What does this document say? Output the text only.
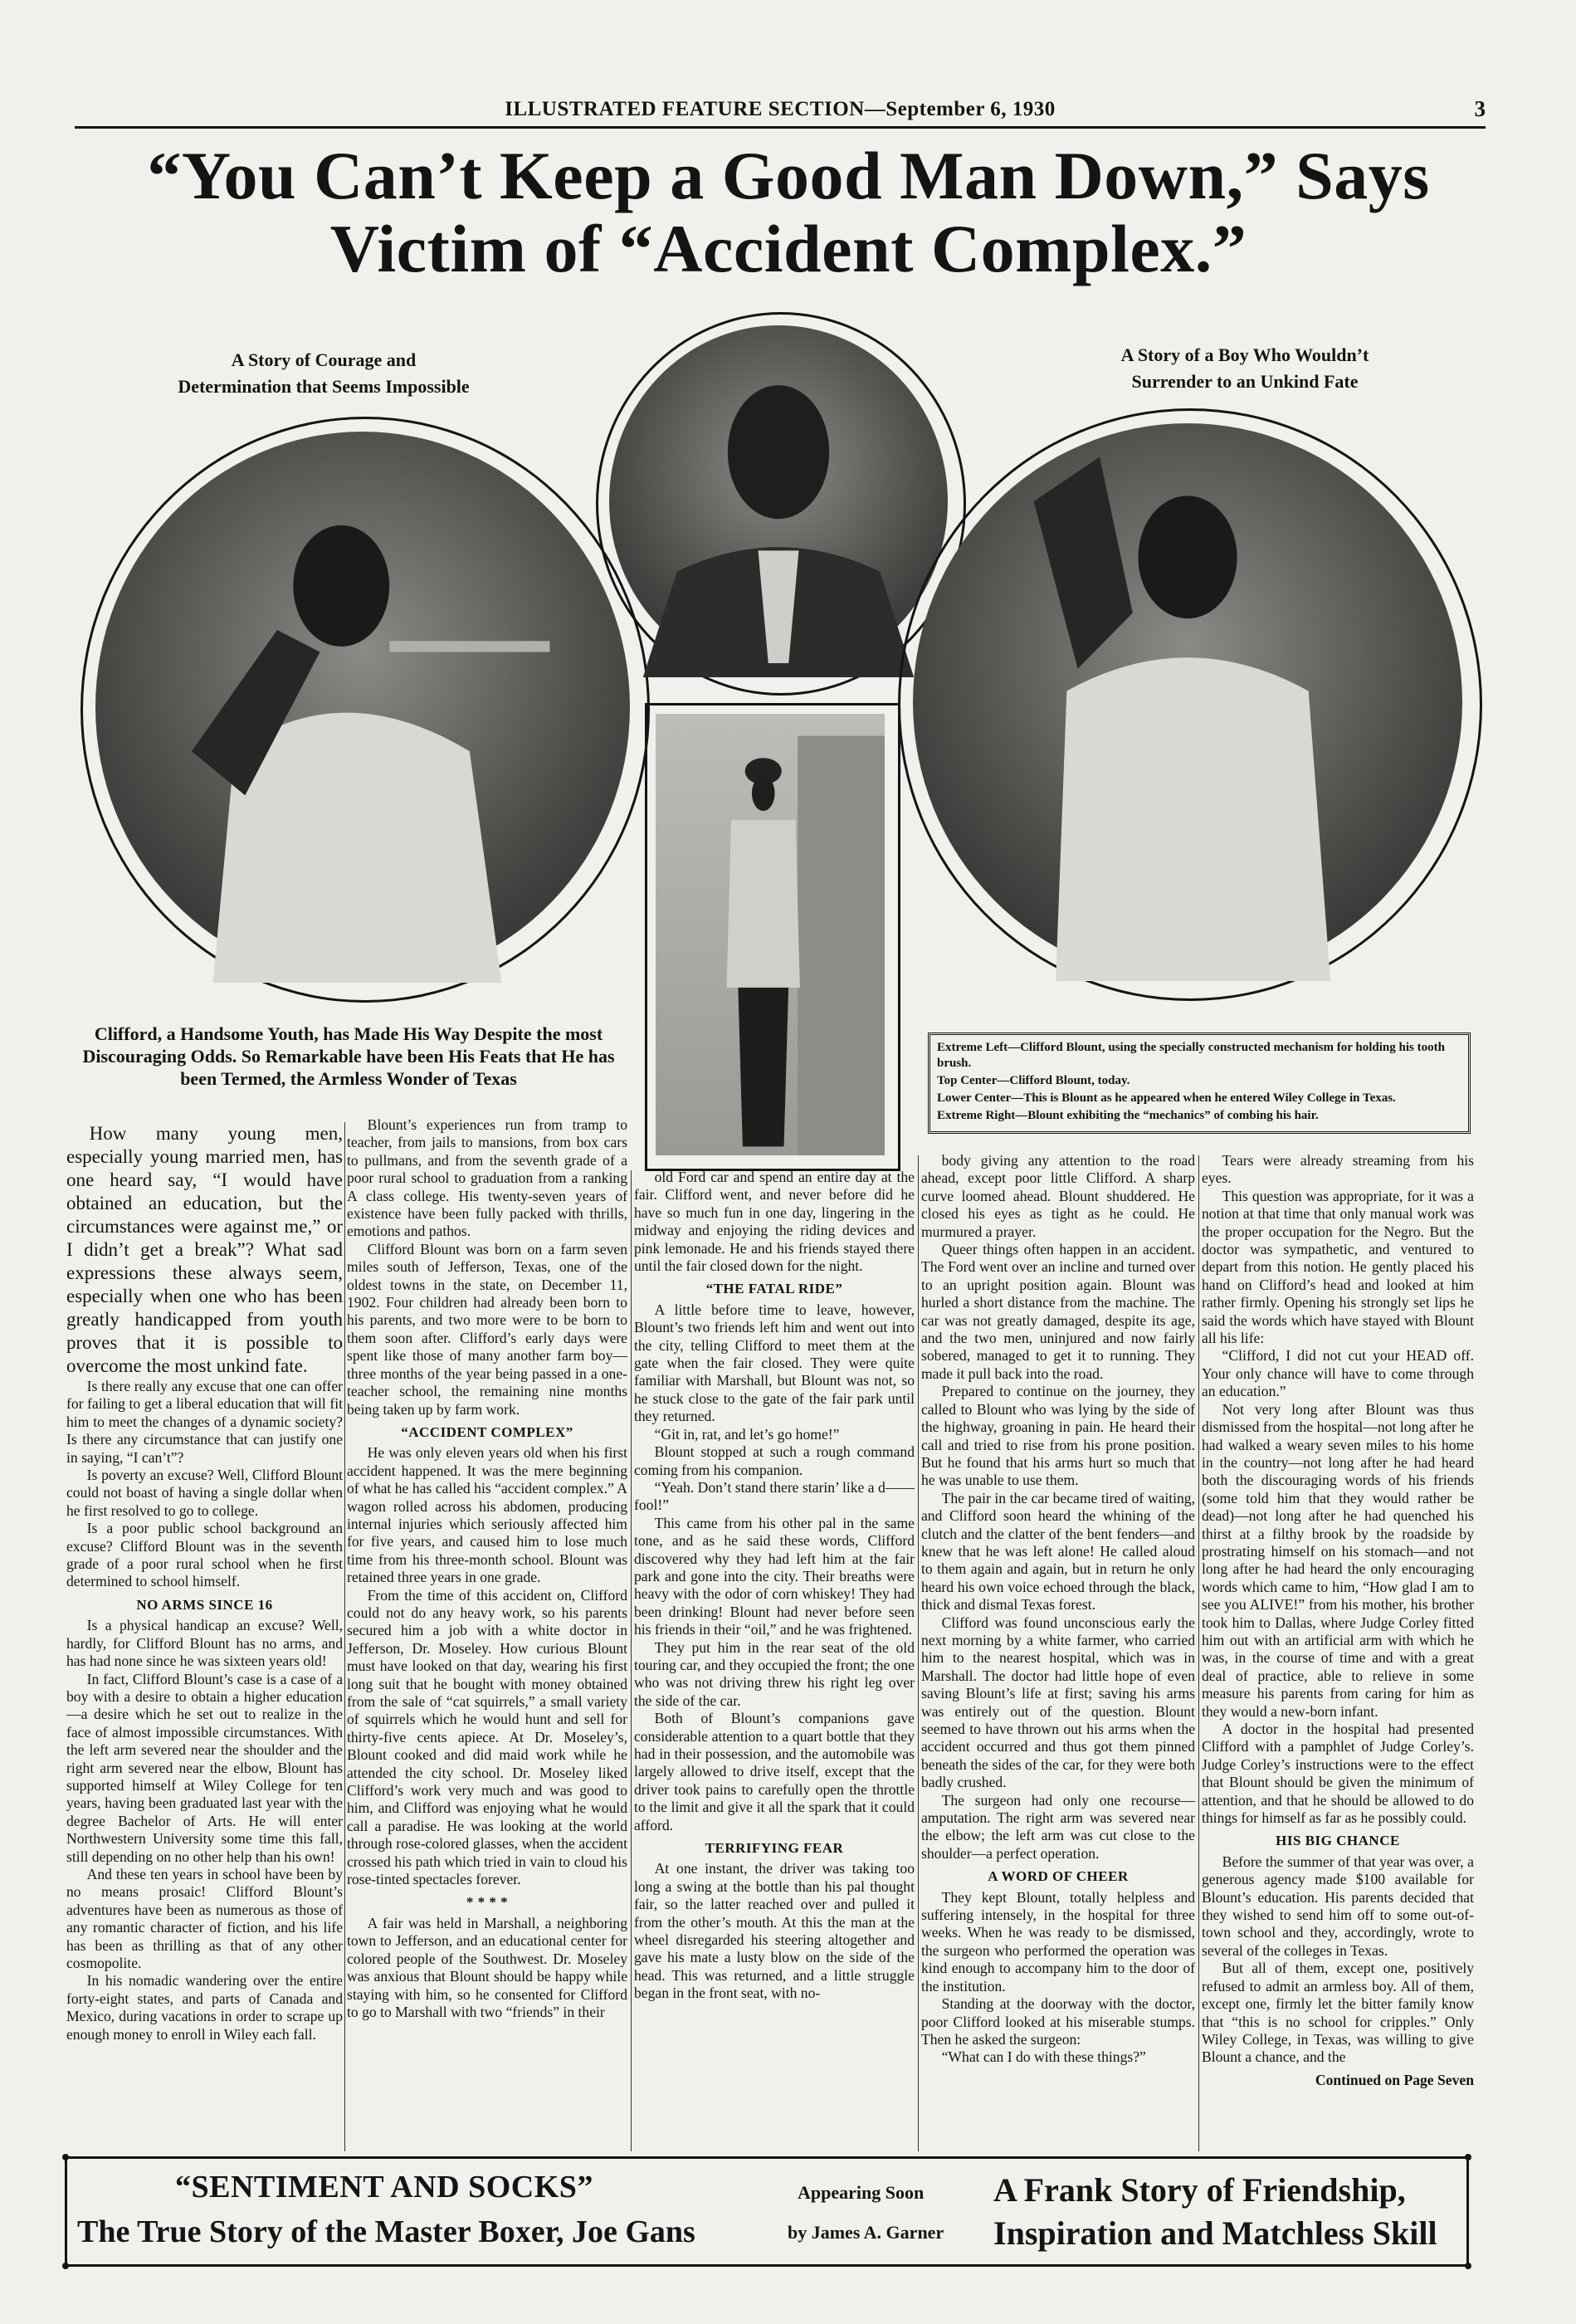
ILLUSTRATED FEATURE SECTION—September 6, 1930	3
“You Can’t Keep a Good Man Down,” Says
Victim of “Accident Complex.”
A Story of Courage and
Determination that Seems Impossible
A Story of a Boy Who Wouldn’t
Surrender to an Unkind Fate
Clifford, a Handsome Youth, has Made His Way Despite the most Discouraging Odds. So Remarkable have been His Feats that He has been Termed, the Armless Wonder of Texas

Extreme Left—Clifford Blount, using the specially constructed mechanism for holding his tooth brush.

Top Center—Clifford Blount, today.

Lower Center—This is Blount as he appeared when he entered Wiley College in Texas.

Extreme Right—Blount exhibiting the “mechanics” of combing his hair.

How many young men, especially young married men, has one heard say, “I would have obtained an education, but the circumstances were against me,” or I didn’t get a break”? What sad expressions these always seem, especially when one who has been greatly handicapped from youth proves that it is possible to overcome the most unkind fate.

Is there really any excuse that one can offer for failing to get a liberal education that will fit him to meet the changes of a dynamic society? Is there any circumstance that can justify one in saying, “I can’t”?

Is poverty an excuse? Well, Clifford Blount could not boast of having a single dollar when he first resolved to go to college.

Is a poor public school background an excuse? Clifford Blount was in the seventh grade of a poor rural school when he first determined to school himself.

NO ARMS SINCE 16

Is a physical handicap an excuse? Well, hardly, for Clifford Blount has no arms, and has had none since he was sixteen years old!

In fact, Clifford Blount’s case is a case of a boy with a desire to obtain a higher education—a desire which he set out to realize in the face of almost impossible circumstances. With the left arm severed near the shoulder and the right arm severed near the elbow, Blount has supported himself at Wiley College for ten years, having been graduated last year with the degree Bachelor of Arts. He will enter Northwestern University some time this fall, still depending on no other help than his own!

And these ten years in school have been by no means prosaic! Clifford Blount’s adventures have been as numerous as those of any romantic character of fiction, and his life has been as thrilling as that of any other cosmopolite.

In his nomadic wandering over the entire forty-eight states, and parts of Canada and Mexico, during vacations in order to scrape up enough money to enroll in Wiley each fall.

Blount’s experiences run from tramp to teacher, from jails to mansions, from box cars to pullmans, and from the seventh grade of a poor rural school to graduation from a ranking A class college. His twenty-seven years of existence have been fully packed with thrills, emotions and pathos.

Clifford Blount was born on a farm seven miles south of Jefferson, Texas, one of the oldest towns in the state, on December 11, 1902. Four children had already been born to his parents, and two more were to be born to them soon after. Clifford’s early days were spent like those of many another farm boy—three months of the year being passed in a one-teacher school, the remaining nine months being taken up by farm work.

“ACCIDENT COMPLEX”

He was only eleven years old when his first accident happened. It was the mere beginning of what he has called his “accident complex.” A wagon rolled across his abdomen, producing internal injuries which seriously affected him for five years, and caused him to lose much time from his three-month school. Blount was retained three years in one grade.

From the time of this accident on, Clifford could not do any heavy work, so his parents secured him a job with a white doctor in Jefferson, Dr. Moseley. How curious Blount must have looked on that day, wearing his first long suit that he bought with money obtained from the sale of “cat squirrels,” a small variety of squirrels which he would hunt and sell for thirty-five cents apiece. At Dr. Moseley’s, Blount cooked and did maid work while he attended the city school. Dr. Moseley liked Clifford’s work very much and was good to him, and Clifford was enjoying what he would call a paradise. He was looking at the world through rose-colored glasses, when the accident crossed his path which tried in vain to cloud his rose-tinted spectacles forever.

* * * *

A fair was held in Marshall, a neighboring town to Jefferson, and an educational center for colored people of the Southwest. Dr. Moseley was anxious that Blount should be happy while staying with him, so he consented for Clifford to go to Marshall with two “friends” in their

old Ford car and spend an entire day at the fair. Clifford went, and never before did he have so much fun in one day, lingering in the midway and enjoying the riding devices and pink lemonade. He and his friends stayed there until the fair closed down for the night.

“THE FATAL RIDE”

A little before time to leave, however, Blount’s two friends left him and went out into the city, telling Clifford to meet them at the gate when the fair closed. They were quite familiar with Marshall, but Blount was not, so he stuck close to the gate of the fair park until they returned.

“Git in, rat, and let’s go home!”

Blount stopped at such a rough command coming from his companion.

“Yeah. Don’t stand there starin’ like a d—— fool!”

This came from his other pal in the same tone, and as he said these words, Clifford discovered why they had left him at the fair park and gone into the city. Their breaths were heavy with the odor of corn whiskey! They had been drinking! Blount had never before seen his friends in their “oil,” and he was frightened.

They put him in the rear seat of the old touring car, and they occupied the front; the one who was not driving threw his right leg over the side of the car.

Both of Blount’s companions gave considerable attention to a quart bottle that they had in their possession, and the automobile was largely allowed to drive itself, except that the driver took pains to carefully open the throttle to the limit and give it all the spark that it could afford.

TERRIFYING FEAR

At one instant, the driver was taking too long a swing at the bottle than his pal thought fair, so the latter reached over and pulled it from the other’s mouth. At this the man at the wheel disregarded his steering altogether and gave his mate a lusty blow on the side of the head. This was returned, and a little struggle began in the front seat, with no-

body giving any attention to the road ahead, except poor little Clifford. A sharp curve loomed ahead. Blount shuddered. He closed his eyes as tight as he could. He murmured a prayer.

Queer things often happen in an accident. The Ford went over an incline and turned over to an upright position again. Blount was hurled a short distance from the machine. The car was not greatly damaged, despite its age, and the two men, uninjured and now fairly sobered, managed to get it to running. They made it pull back into the road.

Prepared to continue on the journey, they called to Blount who was lying by the side of the highway, groaning in pain. He heard their call and tried to rise from his prone position. But he found that his arms hurt so much that he was unable to use them.

The pair in the car became tired of waiting, and Clifford soon heard the whining of the clutch and the clatter of the bent fenders—and knew that he was left alone! He called aloud to them again and again, but in return he only heard his own voice echoed through the black, thick and dismal Texas forest.

Clifford was found unconscious early the next morning by a white farmer, who carried him to the nearest hospital, which was in Marshall. The doctor had little hope of even saving Blount’s life at first; saving his arms was entirely out of the question. Blount seemed to have thrown out his arms when the accident occurred and thus got them pinned beneath the sides of the car, for they were both badly crushed.

The surgeon had only one recourse—amputation. The right arm was severed near the elbow; the left arm was cut close to the shoulder—a perfect operation.

A WORD OF CHEER

They kept Blount, totally helpless and suffering intensely, in the hospital for three weeks. When he was ready to be dismissed, the surgeon who performed the operation was kind enough to accompany him to the door of the institution.

Standing at the doorway with the doctor, poor Clifford looked at his miserable stumps. Then he asked the surgeon:

“What can I do with these things?”

Tears were already streaming from his eyes.

This question was appropriate, for it was a notion at that time that only manual work was the proper occupation for the Negro. But the doctor was sympathetic, and ventured to depart from this notion. He gently placed his hand on Clifford’s head and looked at him rather firmly. Opening his strongly set lips he said the words which have stayed with Blount all his life:

“Clifford, I did not cut your HEAD off. Your only chance will have to come through an education.”

Not very long after Blount was thus dismissed from the hospital—not long after he had walked a weary seven miles to his home in the country—not long after he had heard both the discouraging words of his friends (some told him that they would rather be dead)—not long after he had quenched his thirst at a filthy brook by the roadside by prostrating himself on his stomach—and not long after he had heard the only encouraging words which came to him, “How glad I am to see you ALIVE!” from his mother, his brother took him to Dallas, where Judge Corley fitted him out with an artificial arm with which he was, in the course of time and with a great deal of practice, able to relieve in some measure his parents from caring for him as they would a new-born infant.

A doctor in the hospital had presented Clifford with a pamphlet of Judge Corley’s. Judge Corley’s instructions were to the effect that Blount should be given the minimum of attention, and that he should be allowed to do things for himself as far as he possibly could.

HIS BIG CHANCE

Before the summer of that year was over, a generous agency made $100 available for Blount’s education. His parents decided that they wished to send him off to some out-of-town school and they, accordingly, wrote to several of the colleges in Texas.

But all of them, except one, positively refused to admit an armless boy. All of them, except one, firmly let the bitter family know that “this is no school for cripples.” Only Wiley College, in Texas, was willing to give Blount a chance, and the

Continued on Page Seven

“SENTIMENT AND SOCKS”
The True Story of the Master Boxer, Joe Gans
Appearing Soon
by James A. Garner
A Frank Story of Friendship,
Inspiration and Matchless Skill
